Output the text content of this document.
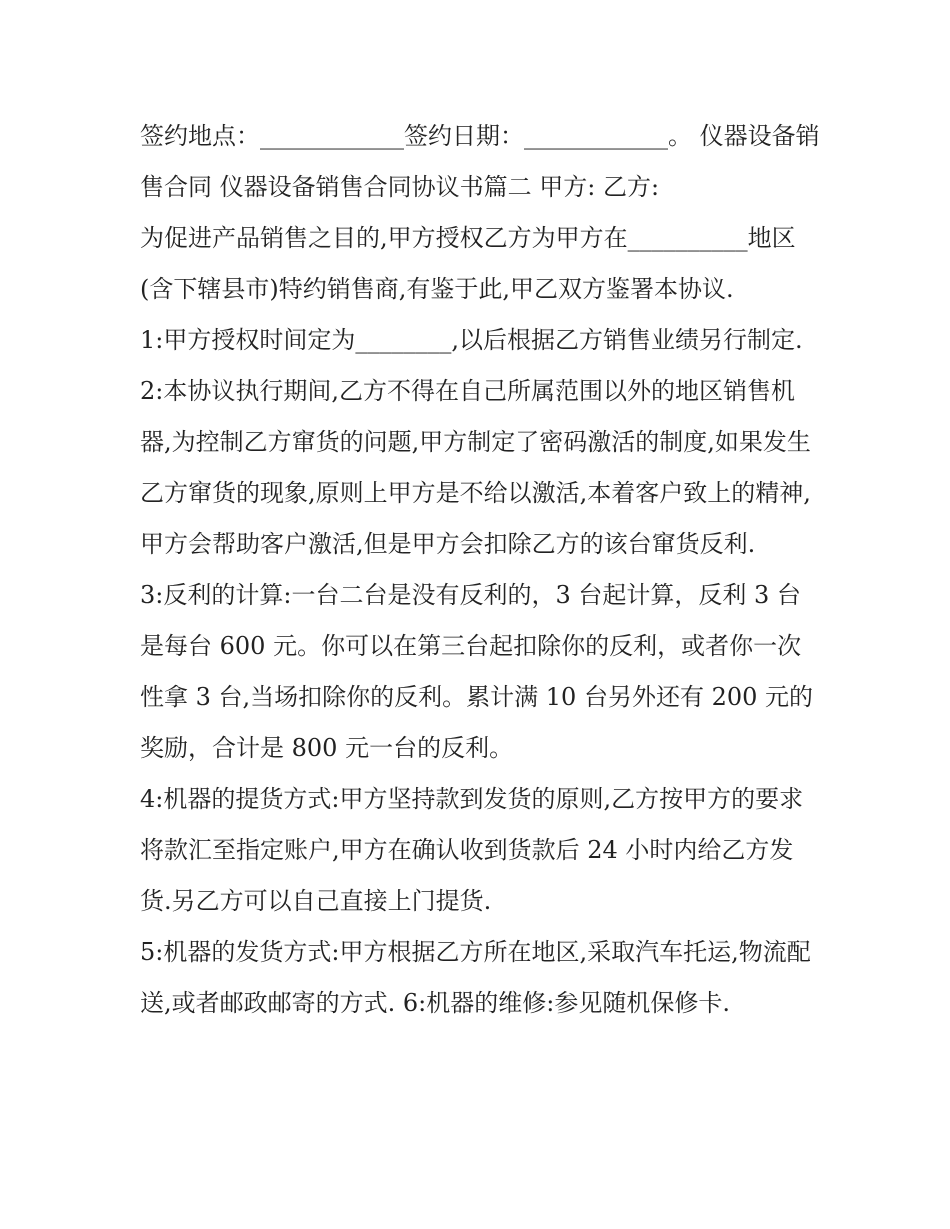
签约地点：____________签约日期：____________。 仪器设备销售合同 仪器设备销售合同协议书篇二 甲方: 乙方:

为促进产品销售之目的,甲方授权乙方为甲方在__________地区(含下辖县市)特约销售商,有鉴于此,甲乙双方鉴署本协议.

1:甲方授权时间定为________,以后根据乙方销售业绩另行制定.

2:本协议执行期间,乙方不得在自己所属范围以外的地区销售机器,为控制乙方窜货的问题,甲方制定了密码激活的制度,如果发生乙方窜货的现象,原则上甲方是不给以激活,本着客户致上的精神,甲方会帮助客户激活,但是甲方会扣除乙方的该台窜货反利.

3:反利的计算:一台二台是没有反利的，3 台起计算，反利 3 台是每台 600 元。你可以在第三台起扣除你的反利，或者你一次性拿 3 台,当场扣除你的反利。累计满 10 台另外还有 200 元的奖励，合计是 800 元一台的反利。

4:机器的提货方式:甲方坚持款到发货的原则,乙方按甲方的要求将款汇至指定账户,甲方在确认收到货款后 24 小时内给乙方发货.另乙方可以自己直接上门提货.

5:机器的发货方式:甲方根据乙方所在地区,采取汽车托运,物流配送,或者邮政邮寄的方式. 6:机器的维修:参见随机保修卡.
